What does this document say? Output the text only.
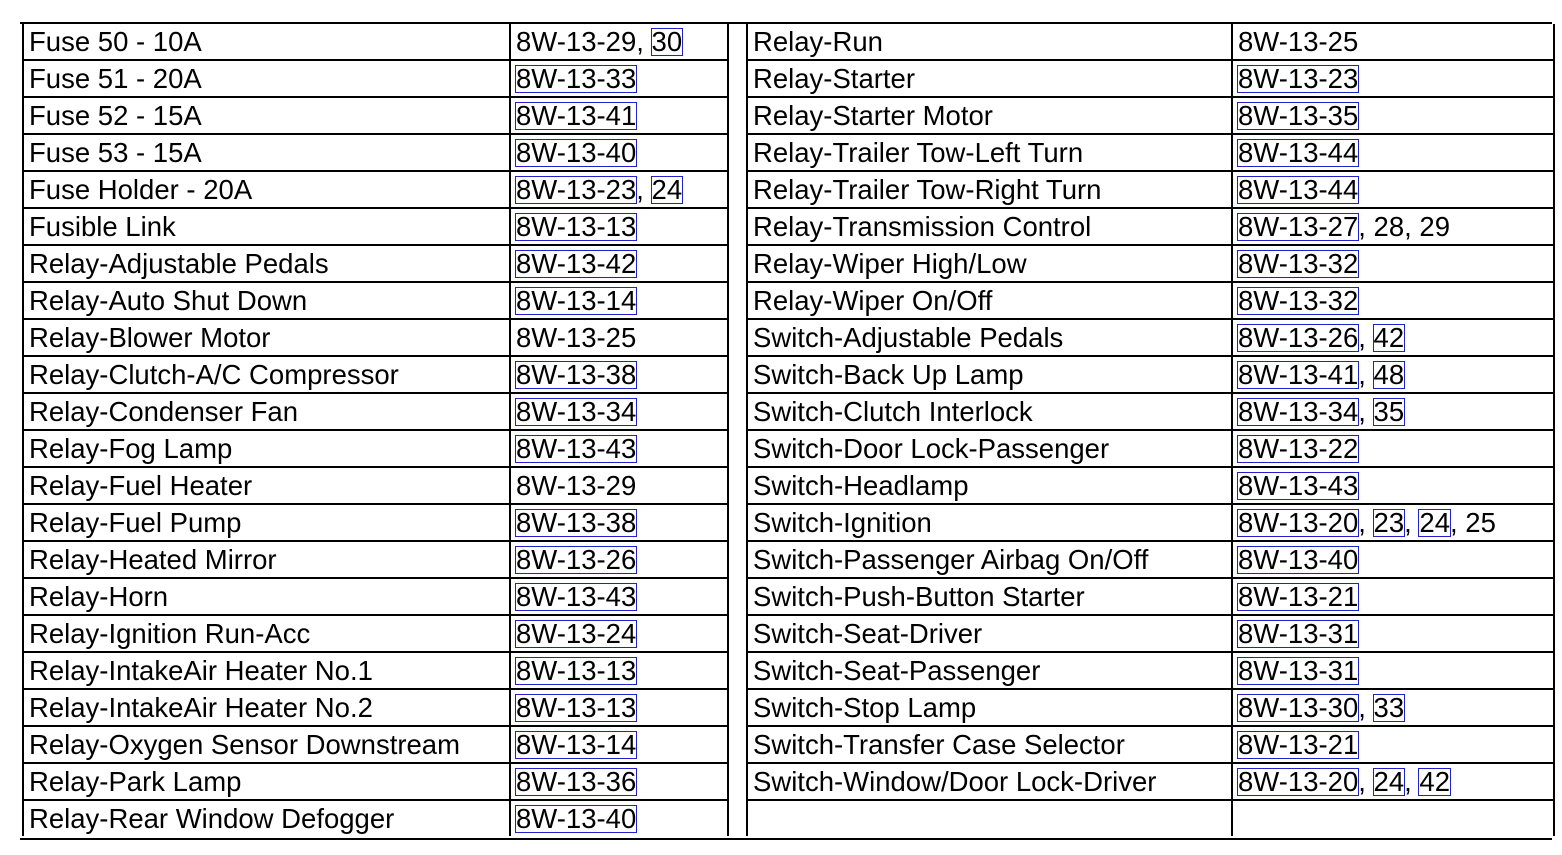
Fuse 50 - 10A	8W-13-29, 30
Fuse 51 - 20A	8W-13-33
Fuse 52 - 15A	8W-13-41
Fuse 53 - 15A	8W-13-40
Fuse Holder - 20A	8W-13-23, 24
Fusible Link	8W-13-13
Relay-Adjustable Pedals	8W-13-42
Relay-Auto Shut Down	8W-13-14
Relay-Blower Motor	8W-13-25
Relay-Clutch-A/C Compressor	8W-13-38
Relay-Condenser Fan	8W-13-34
Relay-Fog Lamp	8W-13-43
Relay-Fuel Heater	8W-13-29
Relay-Fuel Pump	8W-13-38
Relay-Heated Mirror	8W-13-26
Relay-Horn	8W-13-43
Relay-Ignition Run-Acc	8W-13-24
Relay-IntakeAir Heater No.1	8W-13-13
Relay-IntakeAir Heater No.2	8W-13-13
Relay-Oxygen Sensor Downstream	8W-13-14
Relay-Park Lamp	8W-13-36
Relay-Rear Window Defogger	8W-13-40
Relay-Run	8W-13-25
Relay-Starter	8W-13-23
Relay-Starter Motor	8W-13-35
Relay-Trailer Tow-Left Turn	8W-13-44
Relay-Trailer Tow-Right Turn	8W-13-44
Relay-Transmission Control	8W-13-27, 28, 29
Relay-Wiper High/Low	8W-13-32
Relay-Wiper On/Off	8W-13-32
Switch-Adjustable Pedals	8W-13-26, 42
Switch-Back Up Lamp	8W-13-41, 48
Switch-Clutch Interlock	8W-13-34, 35
Switch-Door Lock-Passenger	8W-13-22
Switch-Headlamp	8W-13-43
Switch-Ignition	8W-13-20, 23, 24, 25
Switch-Passenger Airbag On/Off	8W-13-40
Switch-Push-Button Starter	8W-13-21
Switch-Seat-Driver	8W-13-31
Switch-Seat-Passenger	8W-13-31
Switch-Stop Lamp	8W-13-30, 33
Switch-Transfer Case Selector	8W-13-21
Switch-Window/Door Lock-Driver	8W-13-20, 24, 42
